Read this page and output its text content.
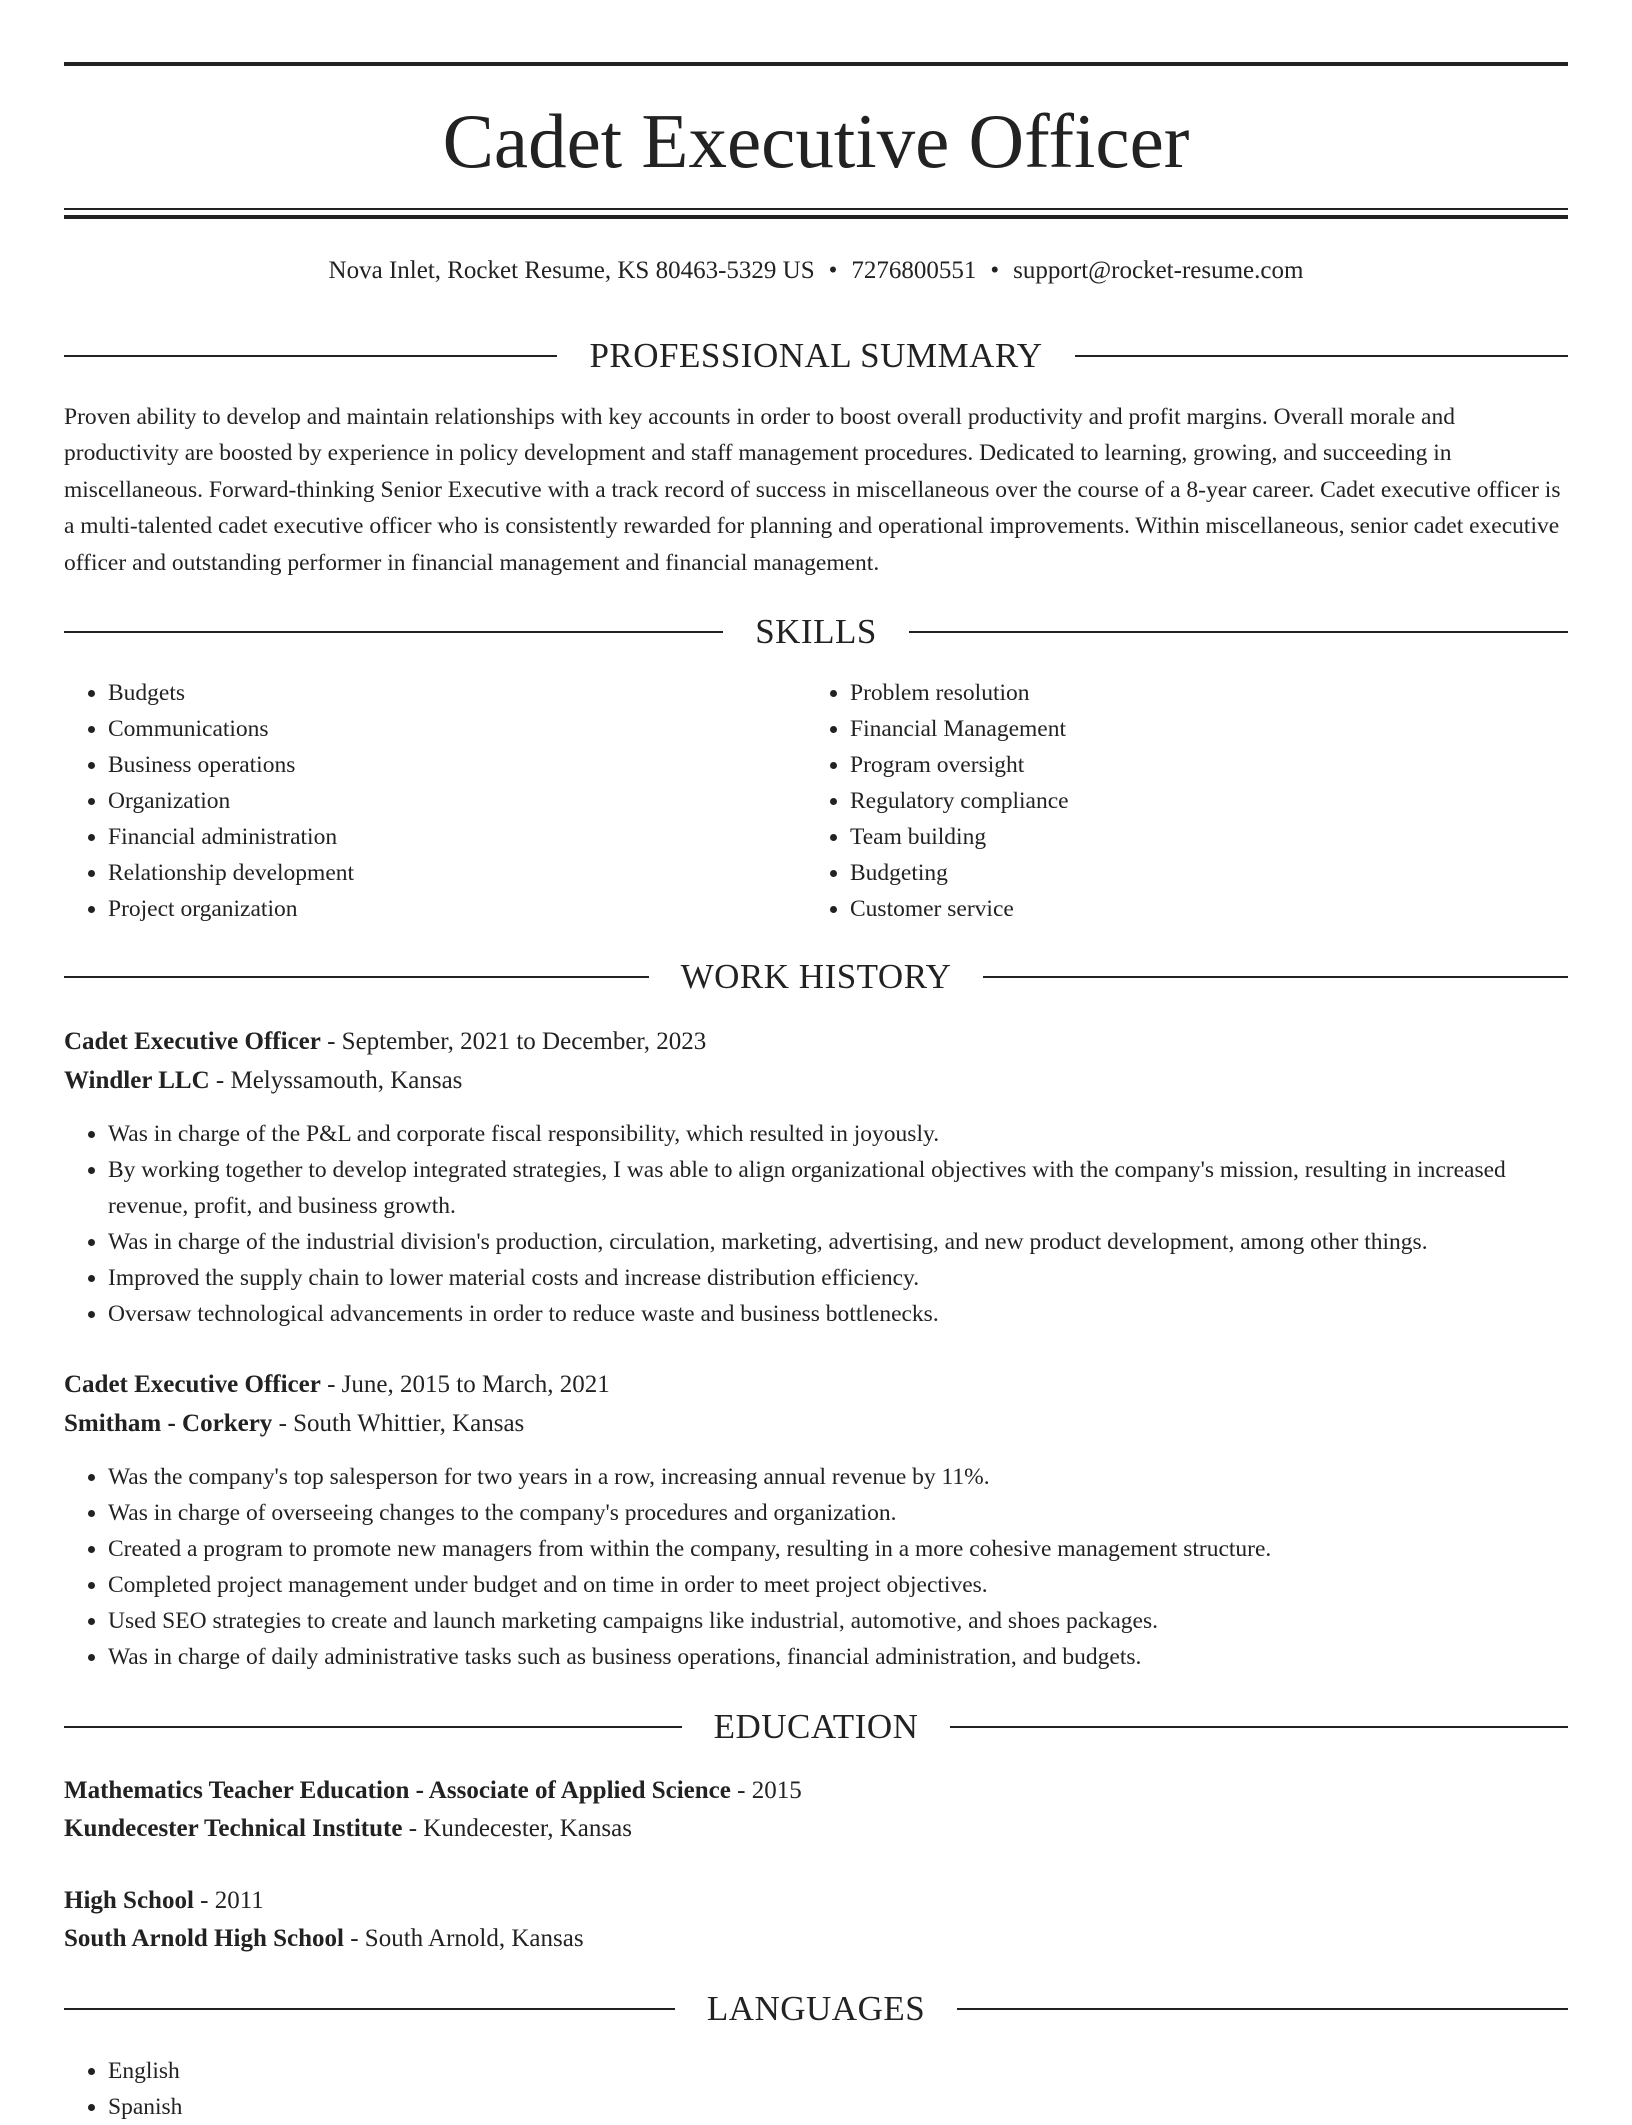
Cadet Executive Officer
Nova Inlet, Rocket Resume, KS 80463-5329 US • 7276800551 • support@rocket-resume.com
PROFESSIONAL SUMMARY

Proven ability to develop and maintain relationships with key accounts in order to boost overall productivity and profit margins. Overall morale and productivity are boosted by experience in policy development and staff management procedures. Dedicated to learning, growing, and succeeding in miscellaneous. Forward-thinking Senior Executive with a track record of success in miscellaneous over the course of a 8-year career. Cadet executive officer is a multi-talented cadet executive officer who is consistently rewarded for planning and operational improvements. Within miscellaneous, senior cadet executive officer and outstanding performer in financial management and financial management.

SKILLS
• Budgets
• Communications
• Business operations
• Organization
• Financial administration
• Relationship development
• Project organization
• Problem resolution
• Financial Management
• Program oversight
• Regulatory compliance
• Team building
• Budgeting
• Customer service
WORK HISTORY
Cadet Executive Officer - September, 2021 to December, 2023
Windler LLC - Melyssamouth, Kansas
• Was in charge of the P&L and corporate fiscal responsibility, which resulted in joyously.
• By working together to develop integrated strategies, I was able to align organizational objectives with the company's mission, resulting in increased revenue, profit, and business growth.
• Was in charge of the industrial division's production, circulation, marketing, advertising, and new product development, among other things.
• Improved the supply chain to lower material costs and increase distribution efficiency.
• Oversaw technological advancements in order to reduce waste and business bottlenecks.
Cadet Executive Officer - June, 2015 to March, 2021
Smitham - Corkery - South Whittier, Kansas
• Was the company's top salesperson for two years in a row, increasing annual revenue by 11%.
• Was in charge of overseeing changes to the company's procedures and organization.
• Created a program to promote new managers from within the company, resulting in a more cohesive management structure.
• Completed project management under budget and on time in order to meet project objectives.
• Used SEO strategies to create and launch marketing campaigns like industrial, automotive, and shoes packages.
• Was in charge of daily administrative tasks such as business operations, financial administration, and budgets.
EDUCATION
Mathematics Teacher Education - Associate of Applied Science - 2015
Kundecester Technical Institute - Kundecester, Kansas
High School - 2011
South Arnold High School - South Arnold, Kansas
LANGUAGES
• English
• Spanish
